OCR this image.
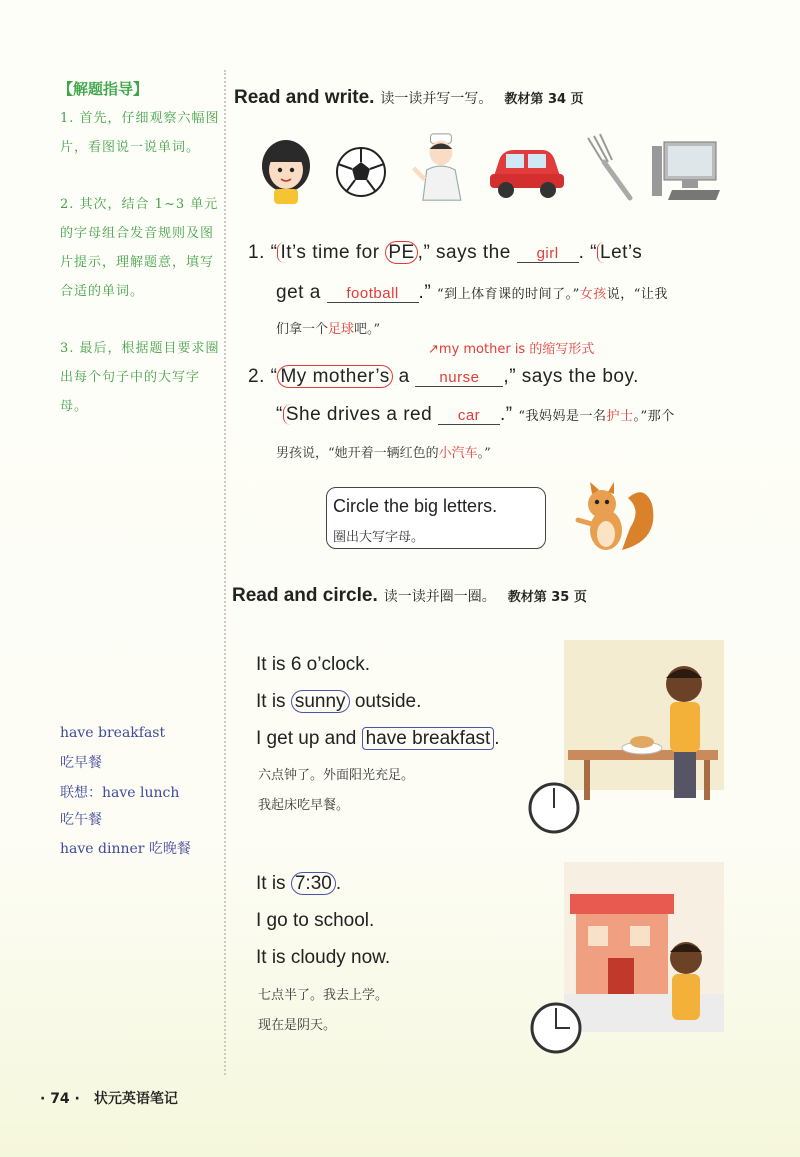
【解题指导】
1. 首先，仔细观察六幅图片，看图说一说单词。
2. 其次，结合 1~3 单元的字母组合发音规则及图片提示，理解题意，填写合适的单词。
3. 最后，根据题目要求圈出每个句子中的大写字母。
Read and write. 读一读并写一写。 教材第 34 页
1. “ It’s time for PE ,” says the girl . “ Let’s
get a football .” “到上体育课的时间了。”女孩说，“让我
们拿一个足球吧。”
↗my mother is 的缩写形式
2. “ My mother’s a nurse ,” says the boy.
“ She drives a red car .” “我妈妈是一名护士。”那个
男孩说，“她开着一辆红色的小汽车。”
Circle the big letters.
圈出大写字母。
Read and circle. 读一读并圈一圈。 教材第 35 页
It is 6 o’clock.
It is sunny outside.
I get up and have breakfast .
六点钟了。外面阳光充足。
我起床吃早餐。
It is 7:30 .
I go to school.
It is cloudy now.
七点半了。我去上学。
现在是阴天。
have breakfast
吃早餐
联想：have lunch
吃午餐
have dinner 吃晚餐
· 74 · 状元英语笔记
